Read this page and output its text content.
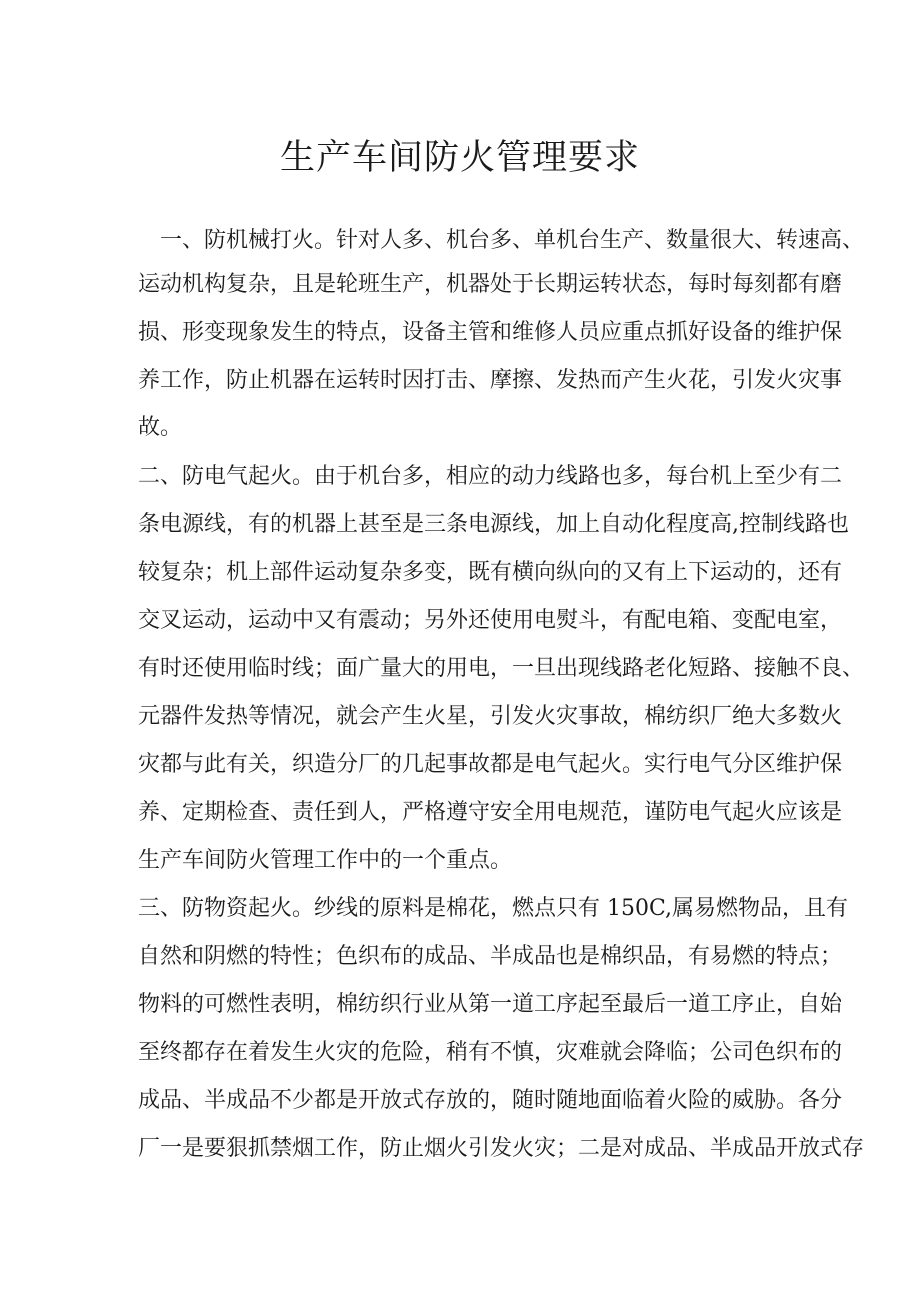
生产车间防火管理要求

一、防机械打火。针对人多、机台多、单机台生产、数量很大、转速高、

运动机构复杂，且是轮班生产，机器处于长期运转状态，每时每刻都有磨

损、形变现象发生的特点，设备主管和维修人员应重点抓好设备的维护保

养工作，防止机器在运转时因打击、摩擦、发热而产生火花，引发火灾事

故。

二、防电气起火。由于机台多，相应的动力线路也多，每台机上至少有二

条电源线，有的机器上甚至是三条电源线，加上自动化程度高,控制线路也

较复杂；机上部件运动复杂多变，既有横向纵向的又有上下运动的，还有

交叉运动，运动中又有震动；另外还使用电熨斗，有配电箱、变配电室，

有时还使用临时线；面广量大的用电，一旦出现线路老化短路、接触不良、

元器件发热等情况，就会产生火星，引发火灾事故，棉纺织厂绝大多数火

灾都与此有关，织造分厂的几起事故都是电气起火。实行电气分区维护保

养、定期检查、责任到人，严格遵守安全用电规范，谨防电气起火应该是

生产车间防火管理工作中的一个重点。

三、防物资起火。纱线的原料是棉花，燃点只有 150C,属易燃物品，且有

自然和阴燃的特性；色织布的成品、半成品也是棉织品，有易燃的特点；

物料的可燃性表明，棉纺织行业从第一道工序起至最后一道工序止，自始

至终都存在着发生火灾的危险，稍有不慎，灾难就会降临；公司色织布的

成品、半成品不少都是开放式存放的，随时随地面临着火险的威胁。各分

厂一是要狠抓禁烟工作，防止烟火引发火灾；二是对成品、半成品开放式存
